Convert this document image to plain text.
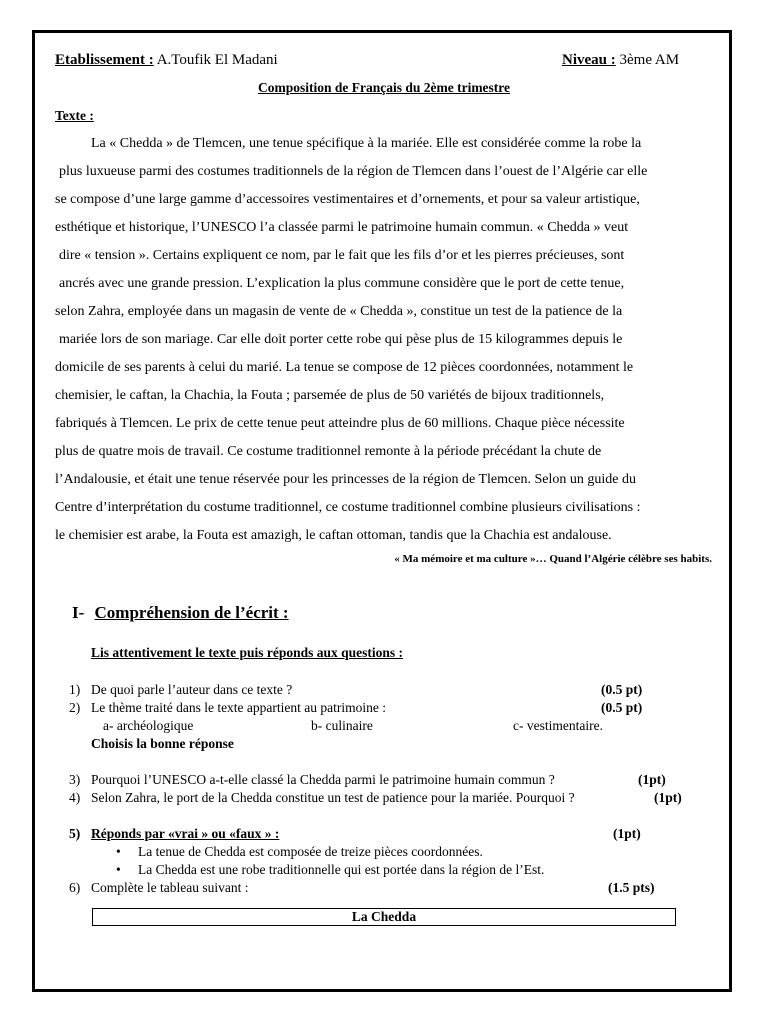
Etablissement : A.Toufik El Madani	Niveau : 3ème AM
Composition de Français du 2ème trimestre
Texte :
La « Chedda » de Tlemcen, une tenue spécifique à la mariée. Elle est considérée comme la robe la
plus luxueuse parmi des costumes traditionnels de la région de Tlemcen dans l’ouest de l’Algérie car elle
se compose d’une large gamme d’accessoires vestimentaires et d’ornements, et pour sa valeur artistique,
esthétique et historique, l’UNESCO l’a classée parmi le patrimoine humain commun. « Chedda » veut
dire « tension ». Certains expliquent ce nom, par le fait que les fils d’or et les pierres précieuses, sont
ancrés avec une grande pression. L’explication la plus commune considère que le port de cette tenue,
selon Zahra, employée dans un magasin de vente de « Chedda », constitue un test de la patience de la
mariée lors de son mariage. Car elle doit porter cette robe qui pèse plus de 15 kilogrammes depuis le
domicile de ses parents à celui du marié. La tenue se compose de 12 pièces coordonnées, notamment le
chemisier, le caftan, la Chachia, la Fouta ; parsemée de plus de 50 variétés de bijoux traditionnels,
fabriqués à Tlemcen. Le prix de cette tenue peut atteindre plus de 60 millions. Chaque pièce nécessite
plus de quatre mois de travail. Ce costume traditionnel remonte à la période précédant la chute de
l’Andalousie, et était une tenue réservée pour les princesses de la région de Tlemcen. Selon un guide du
Centre d’interprétation du costume traditionnel, ce costume traditionnel combine plusieurs civilisations :
le chemisier est arabe, la Fouta est amazigh, le caftan ottoman, tandis que la Chachia est andalouse.
« Ma mémoire et ma culture »… Quand l’Algérie célèbre ses habits.
I- Compréhension de l’écrit :
Lis attentivement le texte puis réponds aux questions :
1) De quoi parle l’auteur dans ce texte ?	(0.5 pt)
2) Le thème traité dans le texte appartient au patrimoine :	(0.5 pt)
a- archéologique	b- culinaire	c- vestimentaire.
Choisis la bonne réponse
3) Pourquoi l’UNESCO a-t-elle classé la Chedda parmi le patrimoine humain commun ?	(1pt)
4) Selon Zahra, le port de la Chedda constitue un test de patience pour la mariée. Pourquoi ?	(1pt)
5) Réponds par «vrai » ou «faux » :	(1pt)
• La tenue de Chedda est composée de treize pièces coordonnées.
• La Chedda est une robe traditionnelle qui est portée dans la région de l’Est.
6) Complète le tableau suivant :	(1.5 pts)
La Chedda
